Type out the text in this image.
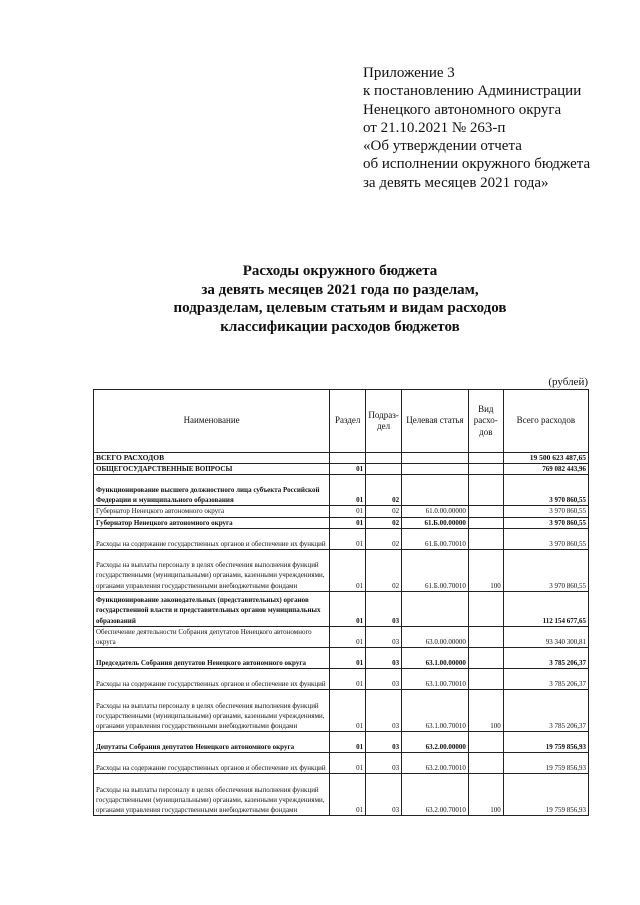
Приложение 3
к постановлению Администрации
Ненецкого автономного округа
от 21.10.2021 № 263-п
«Об утверждении отчета
об исполнении окружного бюджета
за девять месяцев 2021 года»
Расходы окружного бюджета
за девять месяцев 2021 года по разделам,
подразделам, целевым статьям и видам расходов
классификации расходов бюджетов
(рублей)
Наименование	Раздел	Подраз-дел	Целевая статья	Вид расхо-дов	Всего расходов
ВСЕГО РАСХОДОВ					19 500 623 487,65
ОБЩЕГОСУДАРСТВЕННЫЕ ВОПРОСЫ	01				769 082 443,96
Функционирование высшего должностного лица субъекта Российской Федерации и муниципального образования	01	02			3 970 860,55
Губернатор Ненецкого автономного округа	01	02	61.0.00.00000		3 970 860,55
Губернатор Ненецкого автономного округа	01	02	61.Б.00.00000		3 970 860,55
Расходы на содержание государственных органов и обеспечение их функций	01	02	61.Б.00.70010		3 970 860,55
Расходы на выплаты персоналу в целях обеспечения выполнения функций государственными (муниципальными) органами, казенными учреждениями, органами управления государственными внебюджетными фондами	01	02	61.Б.00.70010	100	3 970 860,55
Функционирование законодательных (представительных) органов государственной власти и представительных органов муниципальных образований	01	03			112 154 677,65
Обеспечение деятельности Собрания депутатов Ненецкого автономного округа	01	03	63.0.00.00000		93 340 300,81
Председатель Собрания депутатов Ненецкого автономного округа	01	03	63.1.00.00000		3 785 206,37
Расходы на содержание государственных органов и обеспечение их функций	01	03	63.1.00.70010		3 785 206,37
Расходы на выплаты персоналу в целях обеспечения выполнения функций государственными (муниципальными) органами, казенными учреждениями, органами управления государственными внебюджетными фондами	01	03	63.1.00.70010	100	3 785 206,37
Депутаты Собрания депутатов Ненецкого автономного округа	01	03	63.2.00.00000		19 759 856,93
Расходы на содержание государственных органов и обеспечение их функций	01	03	63.2.00.70010		19 759 856,93
Расходы на выплаты персоналу в целях обеспечения выполнения функций государственными (муниципальными) органами, казенными учреждениями, органами управления государственными внебюджетными фондами	01	03	63.2.00.70010	100	19 759 856,93
